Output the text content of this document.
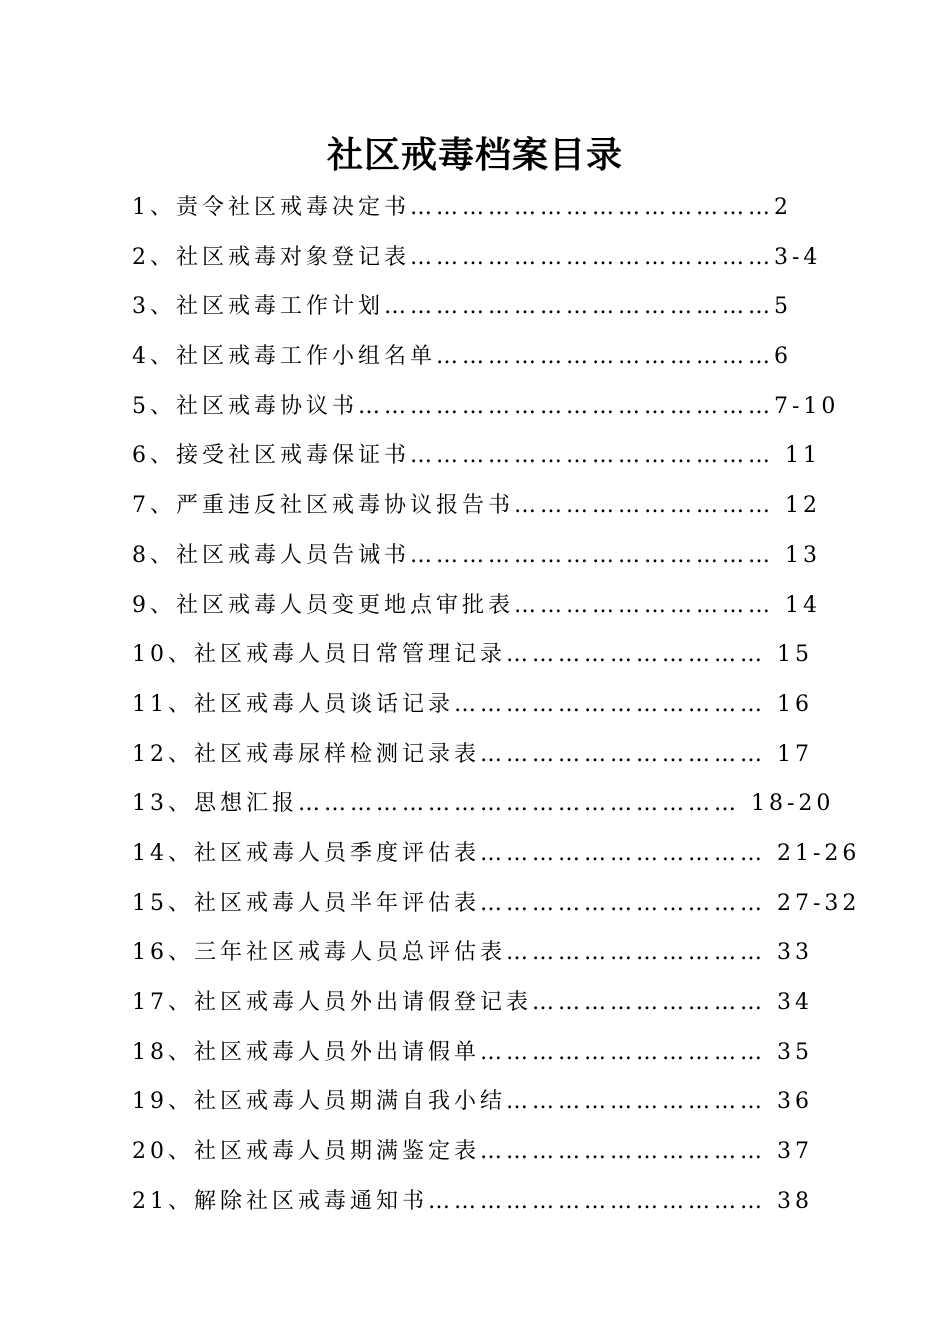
社区戒毒档案目录
1、责令社区戒毒决定书……………………………………2
2、社区戒毒对象登记表……………………………………3-4
3、社区戒毒工作计划………………………………………5
4、社区戒毒工作小组名单…………………………………6
5、社区戒毒协议书…………………………………………7-10
6、接受社区戒毒保证书…………………………………… 11
7、严重违反社区戒毒协议报告书………………………… 12
8、社区戒毒人员告诫书…………………………………… 13
9、社区戒毒人员变更地点审批表………………………… 14
10、社区戒毒人员日常管理记录………………………… 15
11、社区戒毒人员谈话记录……………………………… 16
12、社区戒毒尿样检测记录表…………………………… 17
13、思想汇报…………………………………………… 18-20
14、社区戒毒人员季度评估表…………………………… 21-26
15、社区戒毒人员半年评估表…………………………… 27-32
16、三年社区戒毒人员总评估表………………………… 33
17、社区戒毒人员外出请假登记表……………………… 34
18、社区戒毒人员外出请假单…………………………… 35
19、社区戒毒人员期满自我小结………………………… 36
20、社区戒毒人员期满鉴定表…………………………… 37
21、解除社区戒毒通知书………………………………… 38
